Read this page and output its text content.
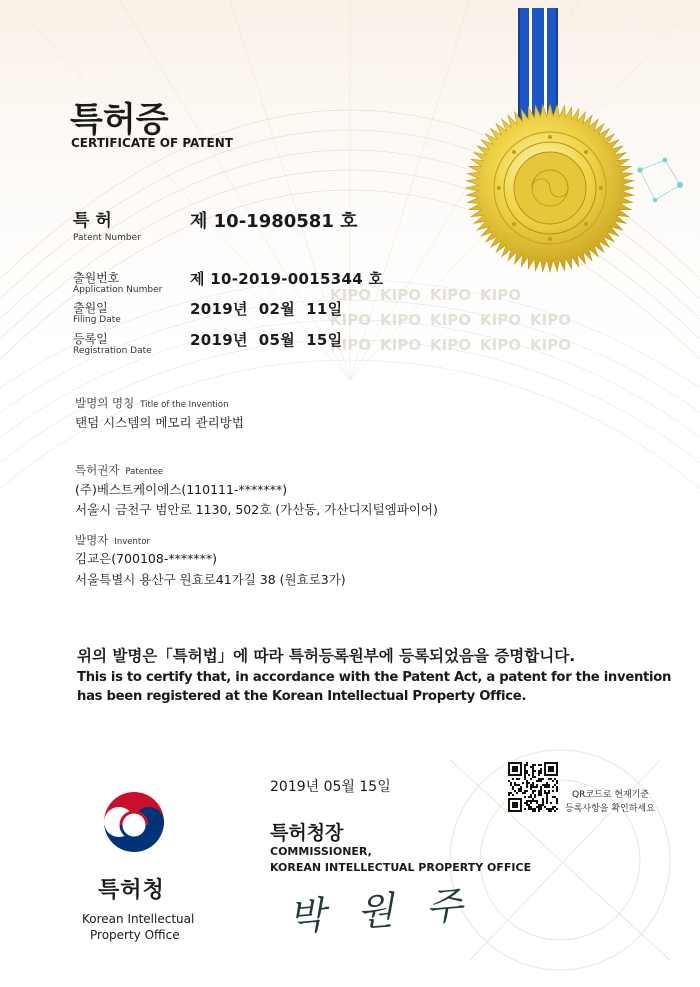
KIPO KIPO KIPO KIPO
KIPO KIPO KIPO KIPO KIPO
KIPO KIPO KIPO KIPO KIPO
특허증
CERTIFICATE OF PATENT
특 허
Patent Number
제 10-1980581 호
출원번호
Application Number
제 10-2019-0015344 호
출원일
Filing Date
2019년  02월  11일
등록일
Registration Date
2019년  05월  15일
발명의 명칭 Title of the Invention
탠덤 시스템의 메모리 관리방법
특허권자 Patentee
(주)베스트케이에스(110111-*******)
서울시 금천구 범안로 1130, 502호 (가산동, 가산디지털엠파이어)
발명자 Inventor
김교은(700108-*******)
서울특별시 용산구 원효로41가길 38 (원효로3가)
위의 발명은「특허법」에 따라 특허등록원부에 등록되었음을 증명합니다.
This is to certify that, in accordance with the Patent Act, a patent for the invention
has been registered at the Korean Intellectual Property Office.
2019년 05월 15일	QR코드로 현재기준
등록사항을 확인하세요
특허청장
COMMISSIONER,
KOREAN INTELLECTUAL PROPERTY OFFICE
박 원 주
특허청
Korean Intellectual
Property Office
